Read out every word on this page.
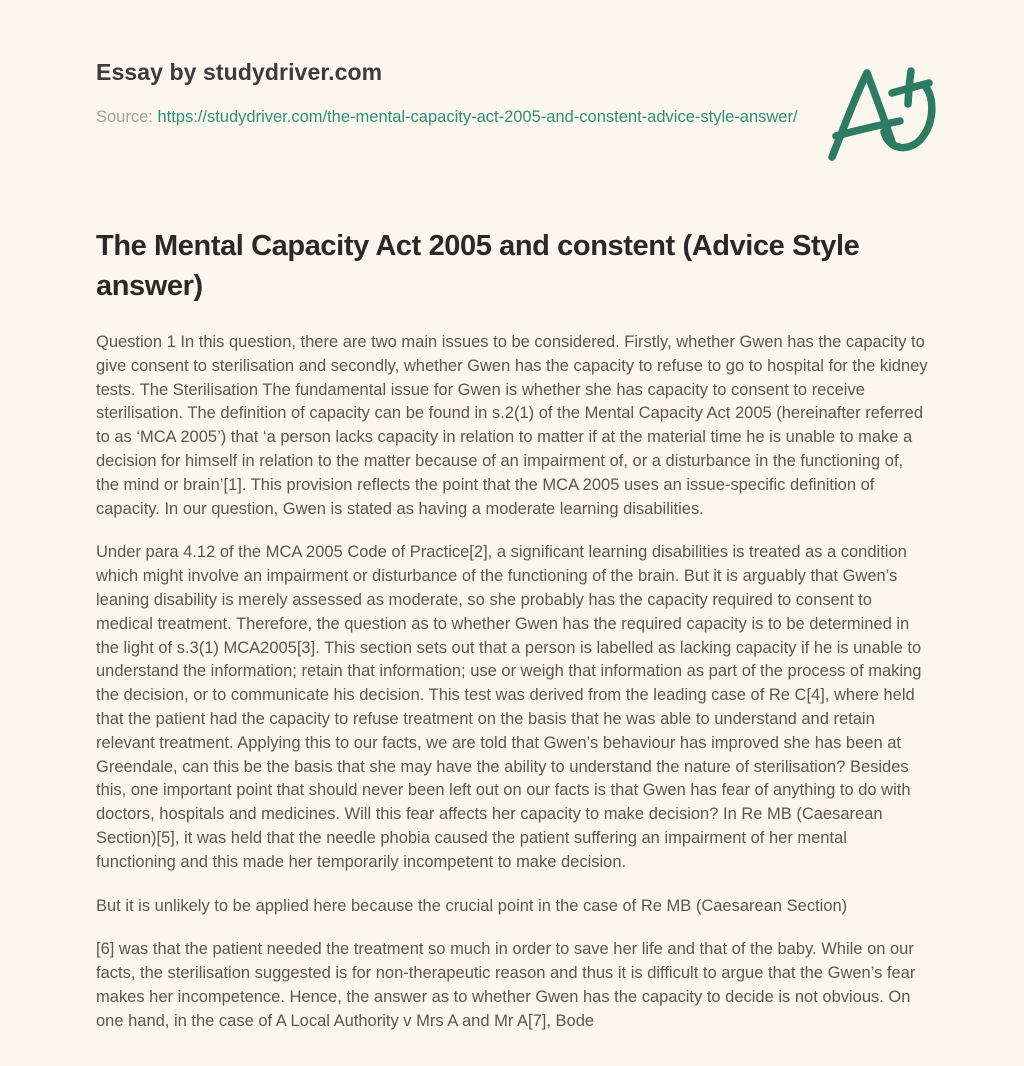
Essay by studydriver.com

Source: https://studydriver.com/the-mental-capacity-act-2005-and-constent-advice-style-answer/

The Mental Capacity Act 2005 and constent (Advice Style answer)

Question 1 In this question, there are two main issues to be considered. Firstly, whether Gwen has the capacity to give consent to sterilisation and secondly, whether Gwen has the capacity to refuse to go to hospital for the kidney tests. The Sterilisation The fundamental issue for Gwen is whether she has capacity to consent to receive sterilisation. The definition of capacity can be found in s.2(1) of the Mental Capacity Act 2005 (hereinafter referred to as ‘MCA 2005’) that ‘a person lacks capacity in relation to matter if at the material time he is unable to make a decision for himself in relation to the matter because of an impairment of, or a disturbance in the functioning of, the mind or brain’[1]. This provision reflects the point that the MCA 2005 uses an issue-specific definition of capacity. In our question, Gwen is stated as having a moderate learning disabilities.

Under para 4.12 of the MCA 2005 Code of Practice[2], a significant learning disabilities is treated as a condition which might involve an impairment or disturbance of the functioning of the brain. But it is arguably that Gwen’s leaning disability is merely assessed as moderate, so she probably has the capacity required to consent to medical treatment. Therefore, the question as to whether Gwen has the required capacity is to be determined in the light of s.3(1) MCA2005[3]. This section sets out that a person is labelled as lacking capacity if he is unable to understand the information; retain that information; use or weigh that information as part of the process of making the decision, or to communicate his decision. This test was derived from the leading case of Re C[4], where held that the patient had the capacity to refuse treatment on the basis that he was able to understand and retain relevant treatment. Applying this to our facts, we are told that Gwen’s behaviour has improved she has been at Greendale, can this be the basis that she may have the ability to understand the nature of sterilisation? Besides this, one important point that should never been left out on our facts is that Gwen has fear of anything to do with doctors, hospitals and medicines. Will this fear affects her capacity to make decision? In Re MB (Caesarean Section)[5], it was held that the needle phobia caused the patient suffering an impairment of her mental functioning and this made her temporarily incompetent to make decision.

But it is unlikely to be applied here because the crucial point in the case of Re MB (Caesarean Section)

[6] was that the patient needed the treatment so much in order to save her life and that of the baby. While on our facts, the sterilisation suggested is for non-therapeutic reason and thus it is difficult to argue that the Gwen’s fear makes her incompetence. Hence, the answer as to whether Gwen has the capacity to decide is not obvious. On one hand, in the case of A Local Authority v Mrs A and Mr A[7], Bode
